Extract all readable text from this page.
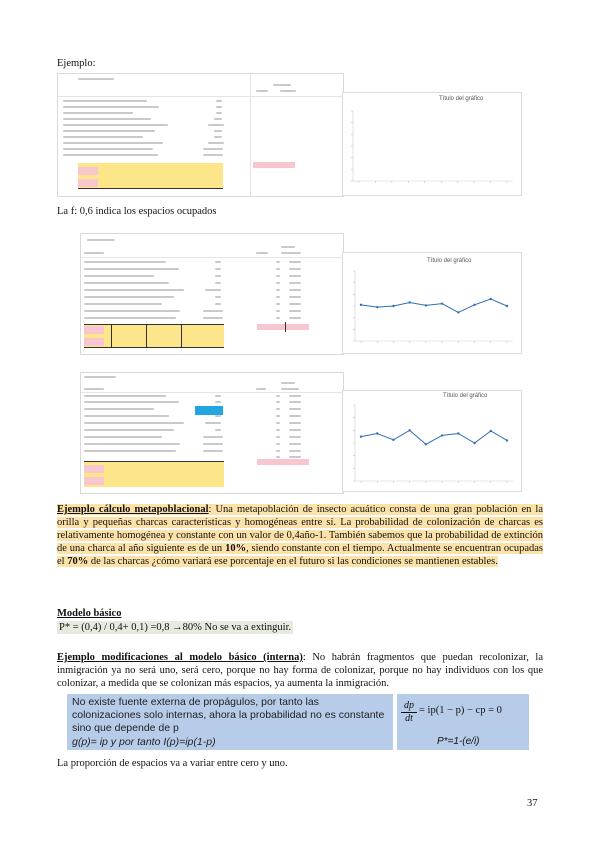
Ejemplo:
Título del gráfico
La f: 0,6 indica los espacios ocupados
Título del gráfico
Título del gráfico
Ejemplo cálculo metapoblacional: Una metapoblación de insecto acuático consta de una gran población en la orilla y pequeñas charcas características y homogéneas entre sí. La probabilidad de colonización de charcas es relativamente homogénea y constante con un valor de 0,4año-1. También sabemos que la probabilidad de extinción de una charca al año siguiente es de un 10%, siendo constante con el tiempo. Actualmente se encuentran ocupadas el 70% de las charcas ¿cómo variará ese porcentaje en el futuro si las condiciones se mantienen estables.
Modelo básico
P* = (0,4) / 0,4+ 0,1) =0,8 →80% No se va a extinguir.
Ejemplo modificaciones al modelo básico (interna): No habrán fragmentos que puedan recolonizar, la inmigración ya no será uno, será cero, porque no hay forma de colonizar, porque no hay individuos con los que colonizar, a medida que se colonizan más espacios, ya aumenta la inmigración.
No existe fuente externa de propágulos, por tanto las colonizaciones solo internas, ahora la probabilidad no es constante sino que depende de p
g(p)= ip y por tanto I(p)=ip(1-p)
dp
dt
= ip(1 − p) − cp = 0
P*=1-(e/i)
La proporción de espacios va a variar entre cero y uno.
37
